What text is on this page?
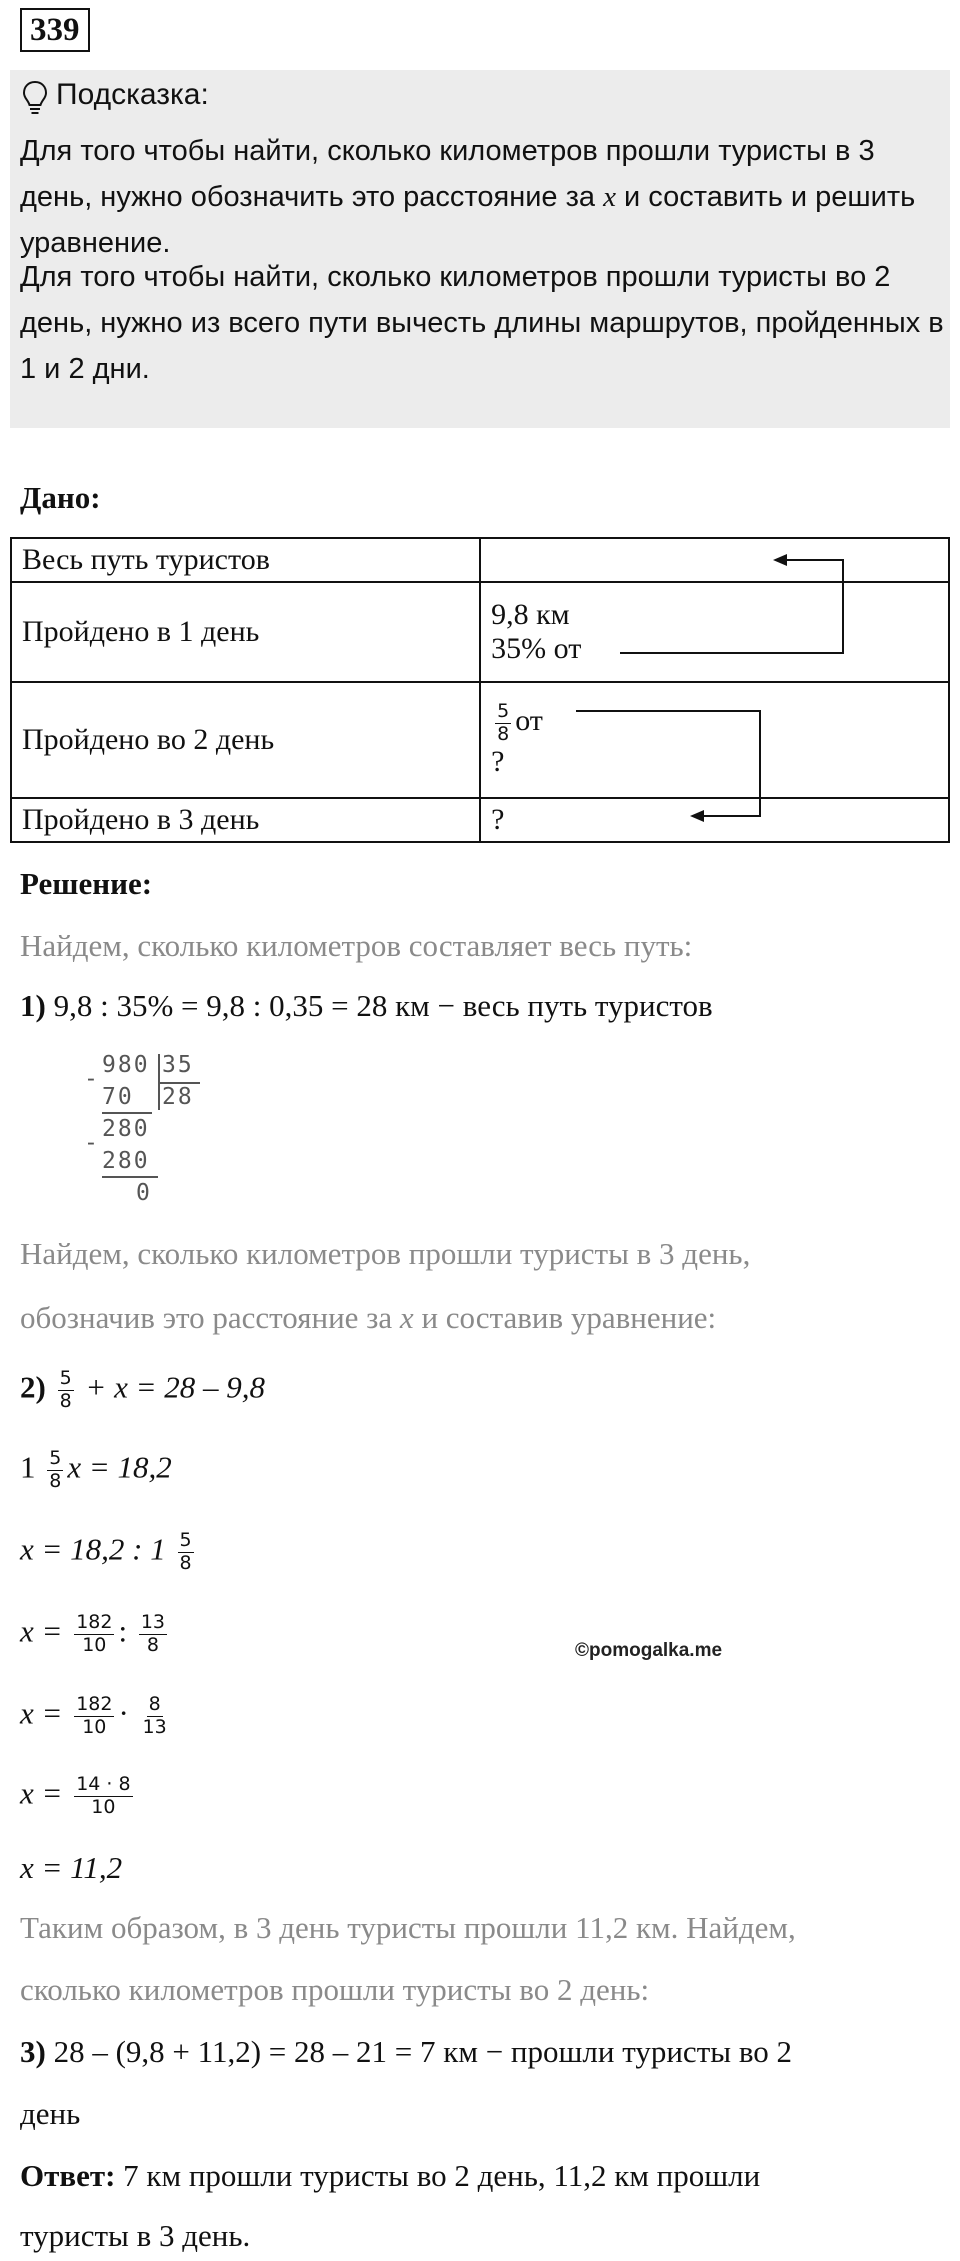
339
Подсказка:
Для того чтобы найти, сколько километров прошли туристы в 3 день, нужно обозначить это расстояние за x и составить и решить уравнение.
Для того чтобы найти, сколько километров прошли туристы во 2 день, нужно из всего пути вычесть длины маршрутов, пройденных в 1 и 2 дни.
Дано:
Весь путь туристов	
Пройдено в 1 день	9,8 км
35% от

Пройдено во 2 день	$\frac{5}{8}$ от
?

Пройдено в 3 день	?
Решение:
Найдем, сколько километров составляет весь путь:
1) 9,8 : 35% = 9,8 : 0,35 = 28 км − весь путь туристов
980 35
28
-
70
280
-
280
0
Найдем, сколько километров прошли туристы в 3 день,
обозначив это расстояние за x и составив уравнение:
$2) \frac{5}{8} + x = 28 - 9,8$
$1 \frac{5}{8}$ x = 18,2
x = 18,2 : $1 \frac{5}{8}$
$x = \frac{182}{10}$ : $\frac{13}{8}$
$x = \frac{182}{10} \cdot \frac{8}{13}$
$x = \frac{14 \cdot 8}{10}$
x = 11,2
©pomogalka.me
Таким образом, в 3 день туристы прошли 11,2 км. Найдем,
сколько километров прошли туристы во 2 день:
3) 28 – (9,8 + 11,2) = 28 – 21 = 7 км − прошли туристы во 2
день
Ответ: 7 км прошли туристы во 2 день, 11,2 км прошли
туристы в 3 день.
